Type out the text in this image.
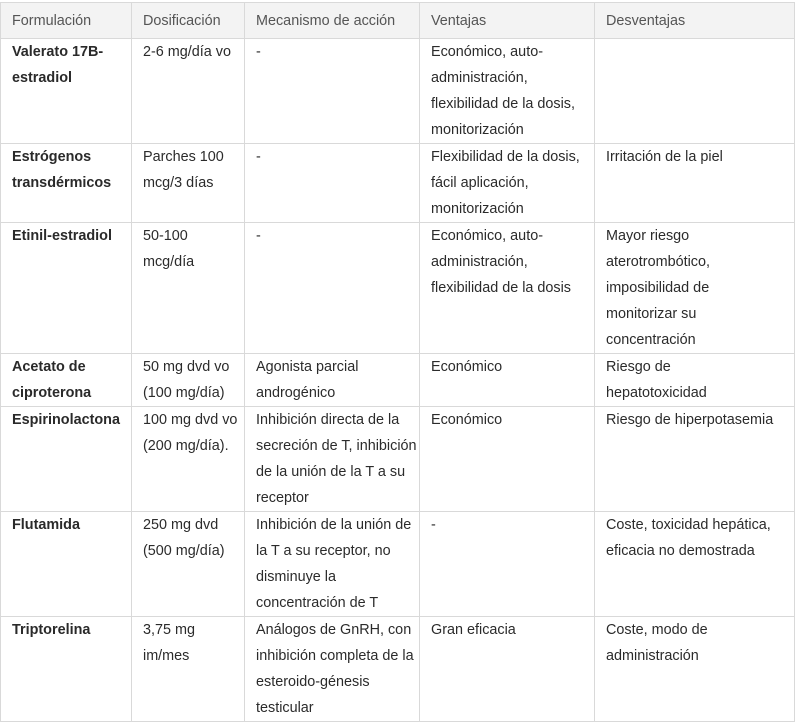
Formulación	Dosificación	Mecanismo de acción	Ventajas	Desventajas

Valerato 17B-estradiol	2-6 mg/día vo	-	Económico, auto-administración, flexibilidad de la dosis, monitorización	
Estrógenos transdérmicos	Parches 100 mcg/3 días	-	Flexibilidad de la dosis, fácil aplicación, monitorización	Irritación de la piel
Etinil-estradiol	50-100 mcg/día	-	Económico, auto-administración, flexibilidad de la dosis	Mayor riesgo aterotrombótico, imposibilidad de monitorizar su concentración

Acetato de ciproterona	50 mg dvd vo (100 mg/día)	Agonista parcial androgénico	Económico	Riesgo de hepatotoxicidad

Espirinolactona	100 mg dvd vo (200 mg/día).	Inhibición directa de la secreción de T, inhibición de la unión de la T a su receptor	Económico	Riesgo de hiperpotasemia
Flutamida	250 mg dvd (500 mg/día)	Inhibición de la unión de la T a su receptor, no disminuye la concentración de T	-	Coste, toxicidad hepática, eficacia no demostrada
Triptorelina	3,75 mg im/mes	Análogos de GnRH, con inhibición completa de la esteroido-génesis testicular	Gran eficacia	Coste, modo de administración
